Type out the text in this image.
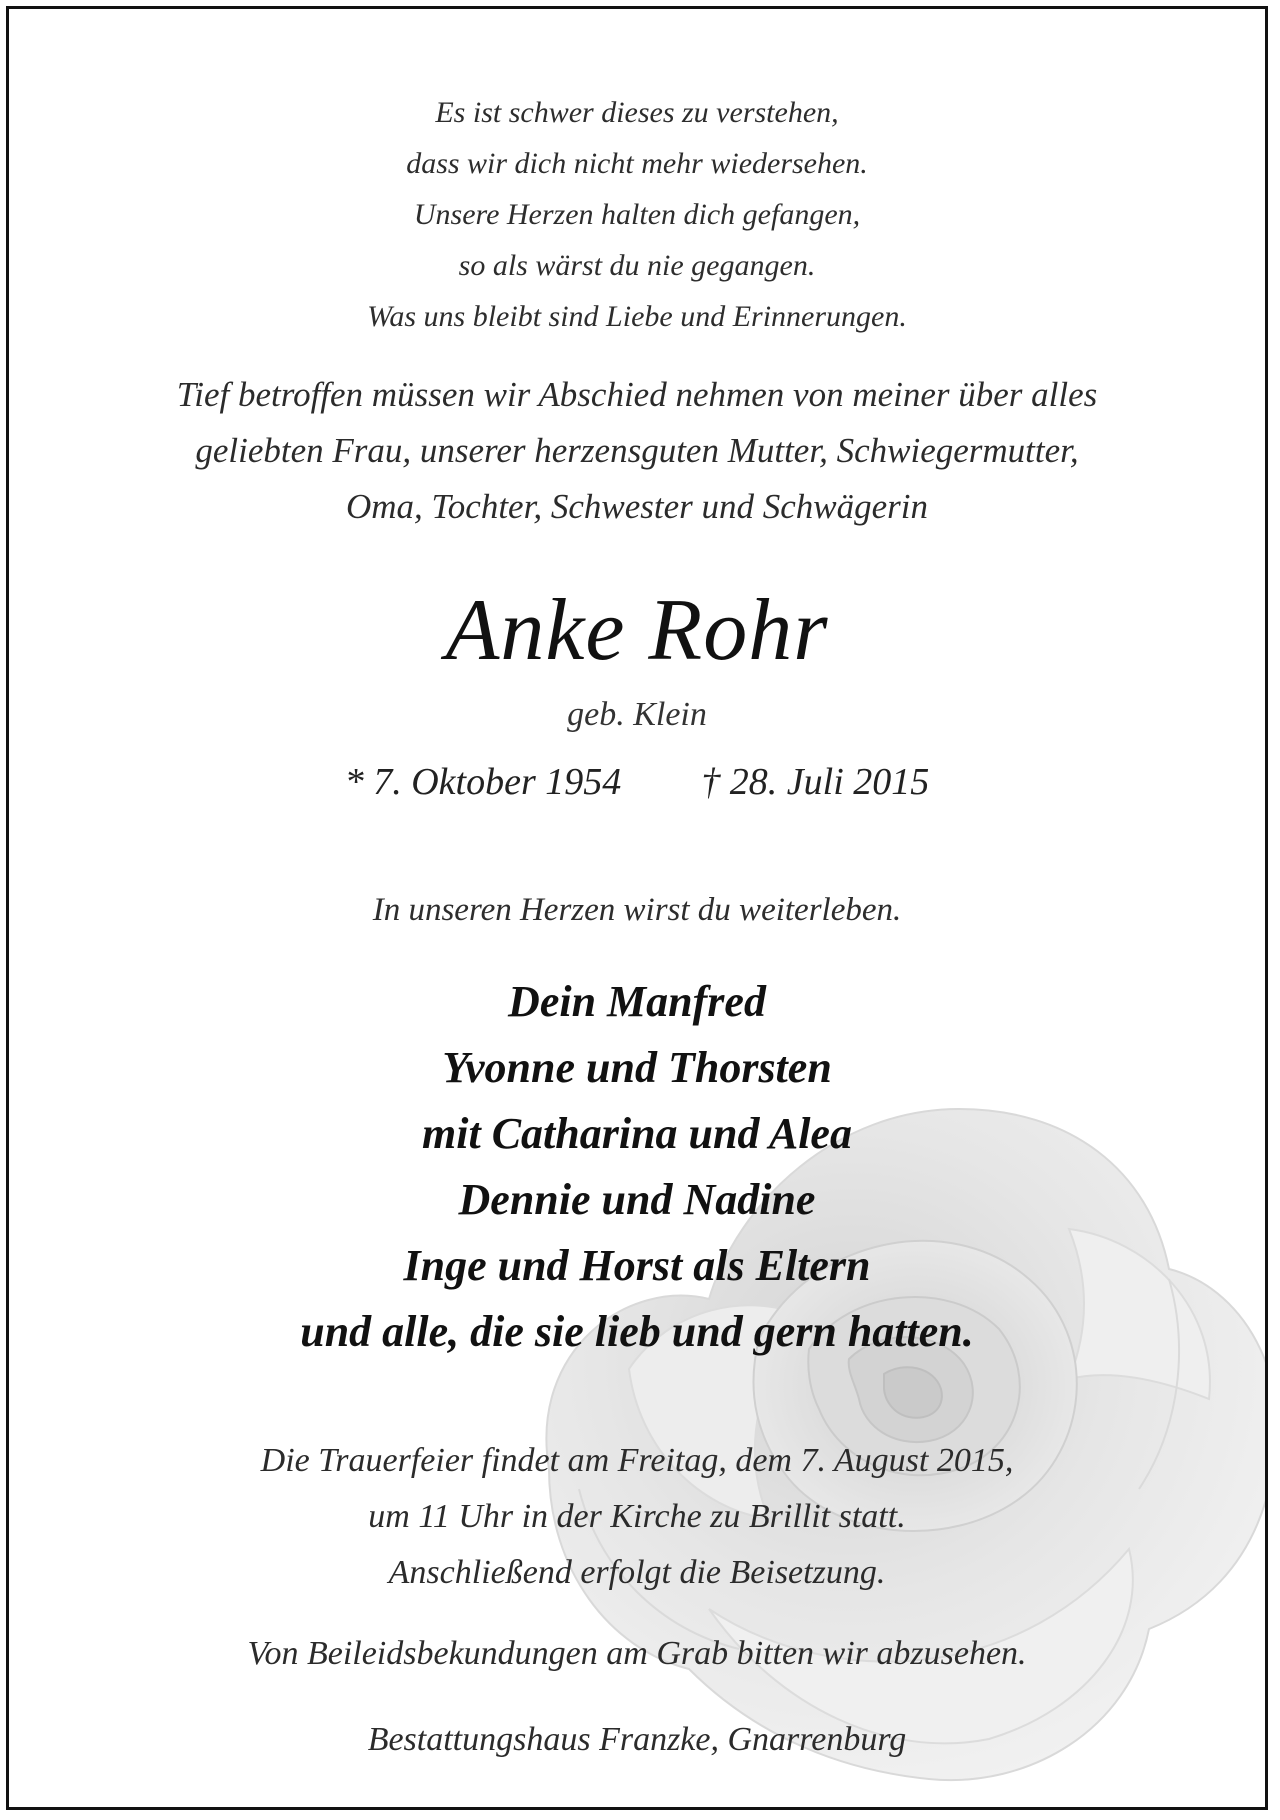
Es ist schwer dieses zu verstehen,
dass wir dich nicht mehr wiedersehen.
Unsere Herzen halten dich gefangen,
so als wärst du nie gegangen.
Was uns bleibt sind Liebe und Erinnerungen.
Tief betroffen müssen wir Abschied nehmen von meiner über alles
geliebten Frau, unserer herzensguten Mutter, Schwiegermutter,
Oma, Tochter, Schwester und Schwägerin
Anke Rohr
geb. Klein
* 7. Oktober 1954 † 28. Juli 2015
In unseren Herzen wirst du weiterleben.
Dein Manfred
Yvonne und Thorsten
mit Catharina und Alea
Dennie und Nadine
Inge und Horst als Eltern
und alle, die sie lieb und gern hatten.
Die Trauerfeier findet am Freitag, dem 7. August 2015,
um 11 Uhr in der Kirche zu Brillit statt.
Anschließend erfolgt die Beisetzung.
Von Beileidsbekundungen am Grab bitten wir abzusehen.
Bestattungshaus Franzke, Gnarrenburg
